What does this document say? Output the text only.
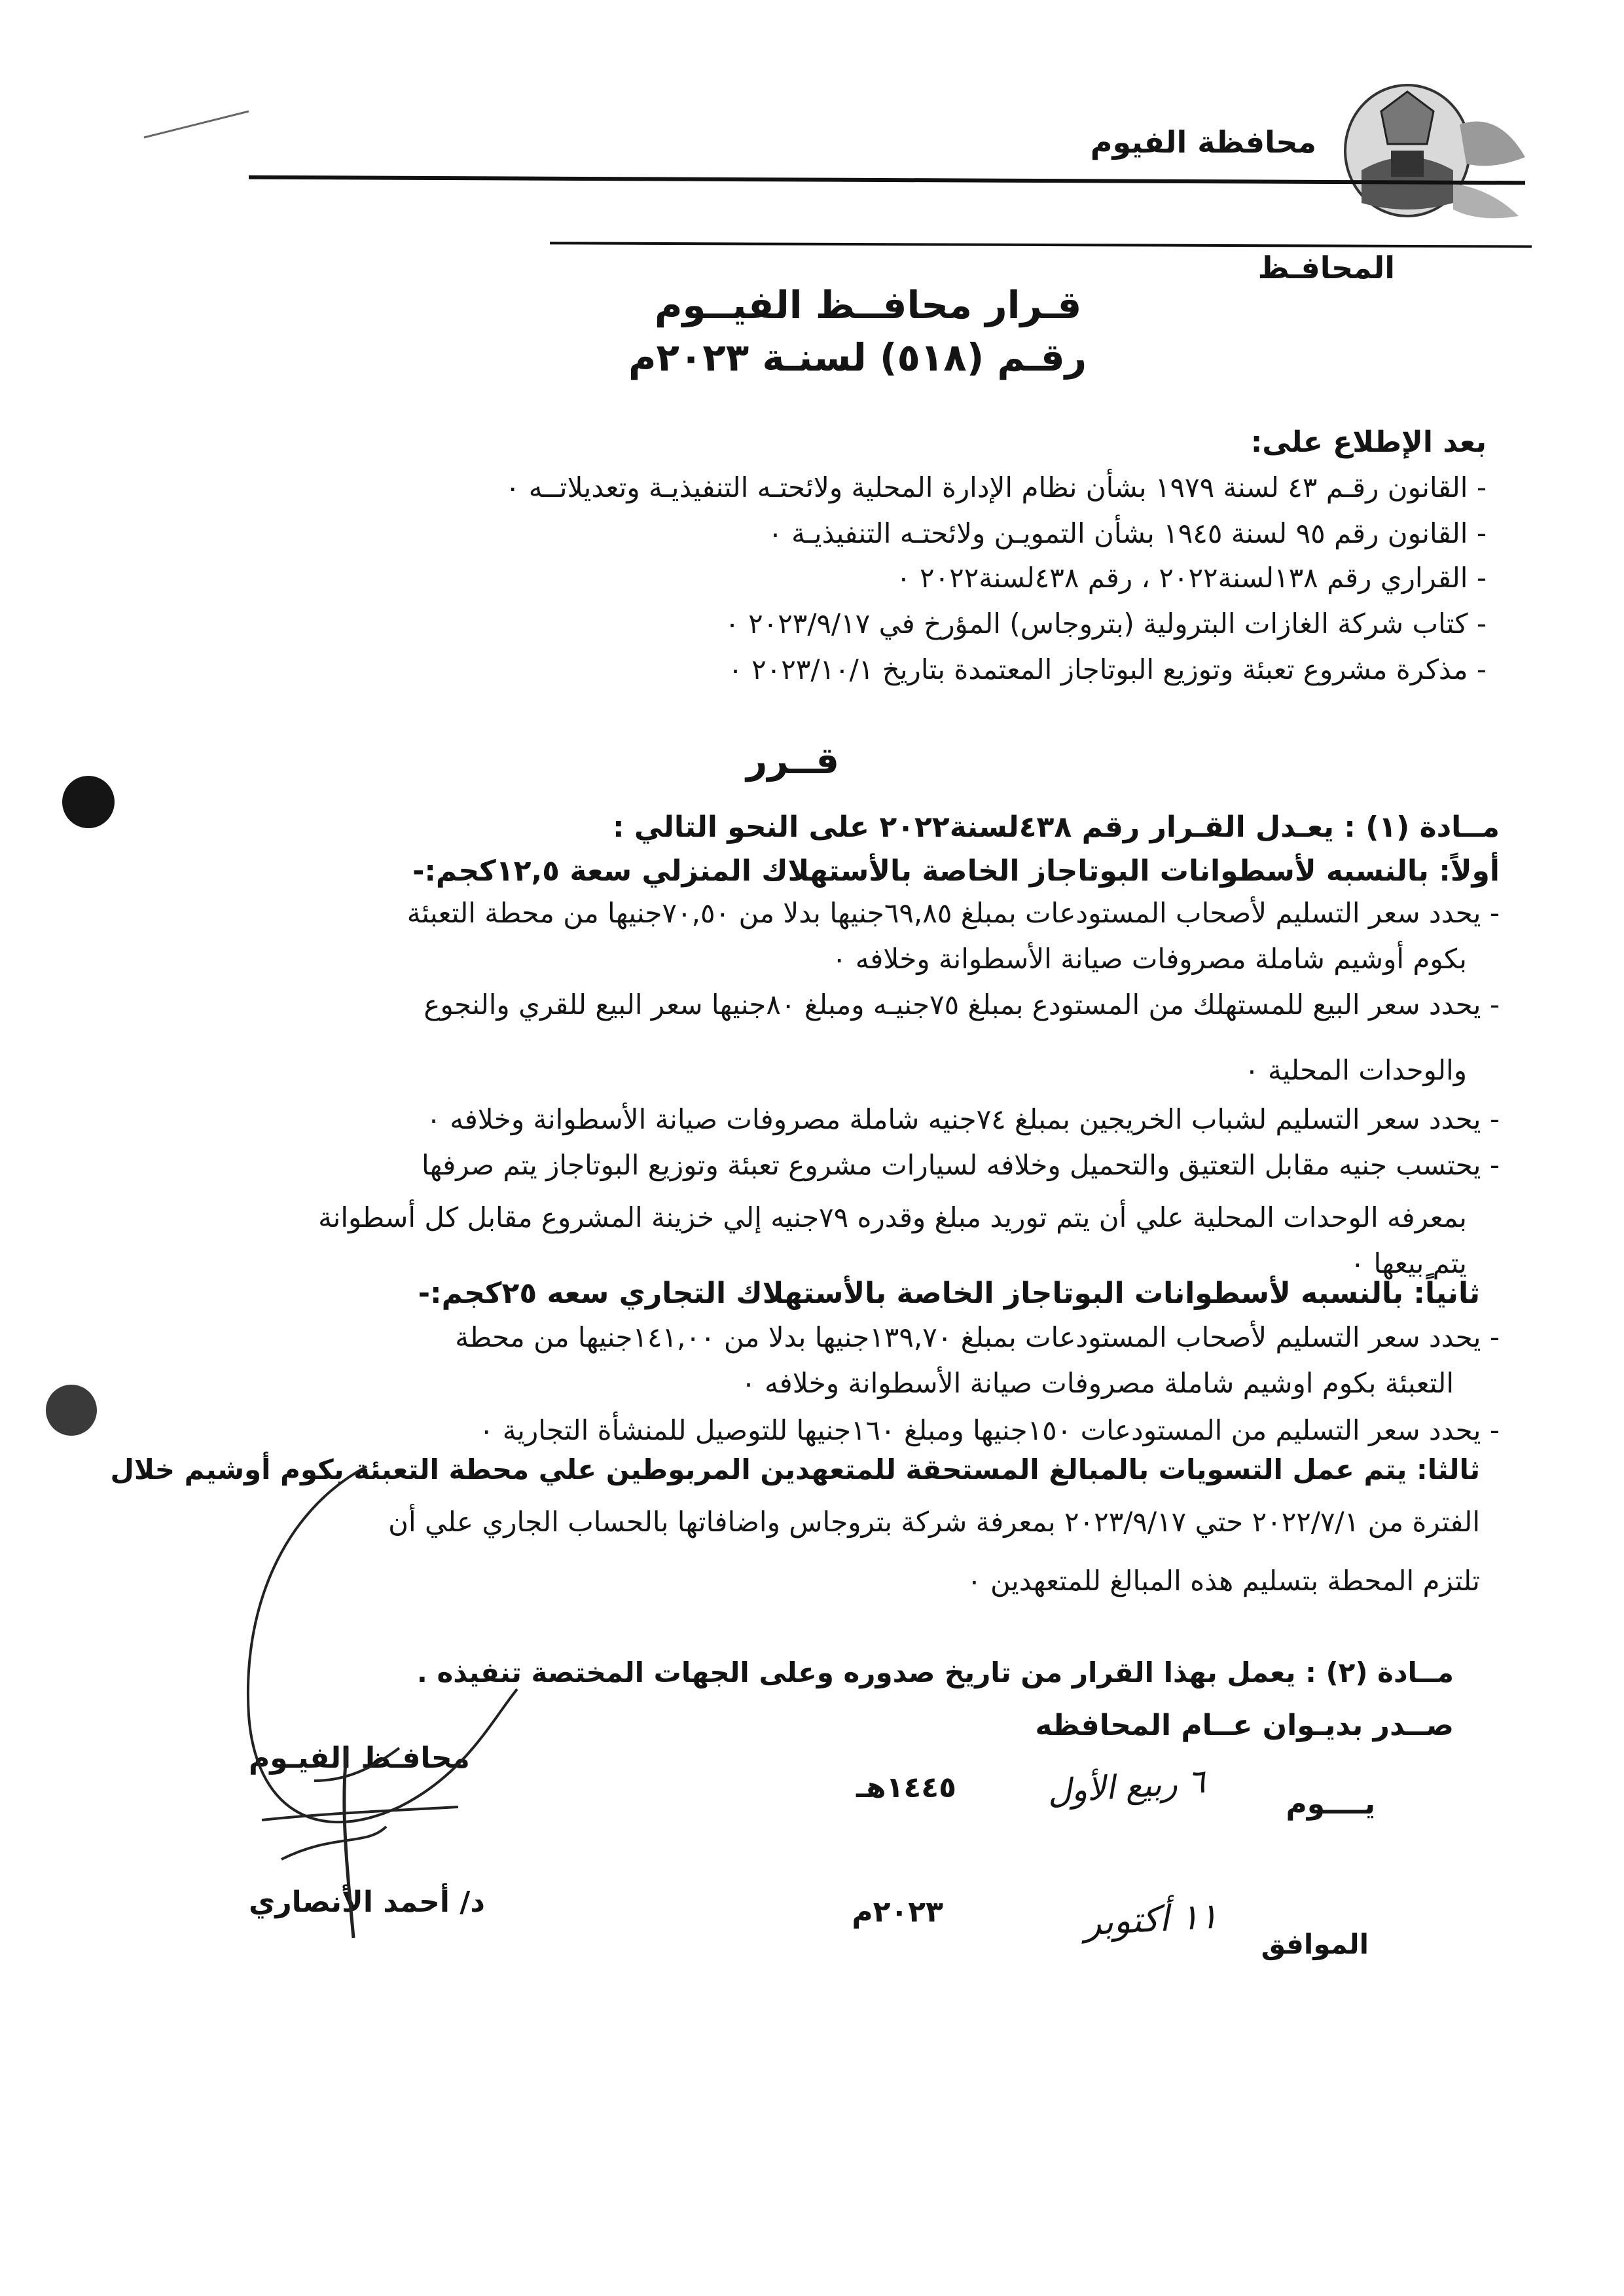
محافظة الفيوم
المحافـظ
قـرار محافــظ الفيــوم
رقـم (٥١٨) لسنـة ٢٠٢٣م
بعد الإطلاع على:
- القانون رقـم ٤٣ لسنة ١٩٧٩ بشأن نظام الإدارة المحلية ولائحتـه التنفيذيـة وتعديلاتــه ٠
- القانون رقم ٩٥ لسنة ١٩٤٥ بشأن التمويـن ولائحتـه التنفيذيـة ٠
- القراري رقم ١٣٨لسنة٢٠٢٢ ، رقم ٤٣٨لسنة٢٠٢٢ ٠
- كتاب شركة الغازات البترولية (بتروجاس) المؤرخ في ٢٠٢٣/٩/١٧ ٠
- مذكرة مشروع تعبئة وتوزيع البوتاجاز المعتمدة بتاريخ ٢٠٢٣/١٠/١ ٠
قــرر
مــادة (١) : يعـدل القـرار رقم ٤٣٨لسنة٢٠٢٢ على النحو التالي :
أولاً: بالنسبه لأسطوانات البوتاجاز الخاصة بالأستهلاك المنزلي سعة ١٢,٥كجم:-
- يحدد سعر التسليم لأصحاب المستودعات بمبلغ ٦٩,٨٥جنيها بدلا من ٧٠,٥٠جنيها من محطة التعبئة
بكوم أوشيم شاملة مصروفات صيانة الأسطوانة وخلافه ٠
- يحدد سعر البيع للمستهلك من المستودع بمبلغ ٧٥جنيـه ومبلغ ٨٠جنيها سعر البيع للقري والنجوع
والوحدات المحلية ٠
- يحدد سعر التسليم لشباب الخريجين بمبلغ ٧٤جنيه شاملة مصروفات صيانة الأسطوانة وخلافه ٠
- يحتسب جنيه مقابل التعتيق والتحميل وخلافه لسيارات مشروع تعبئة وتوزيع البوتاجاز يتم صرفها
بمعرفه الوحدات المحلية علي أن يتم توريد مبلغ وقدره ٧٩جنيه إلي خزينة المشروع مقابل كل أسطوانة
يتم بيعها ٠
ثانياً: بالنسبه لأسطوانات البوتاجاز الخاصة بالأستهلاك التجاري سعه ٢٥كجم:-
- يحدد سعر التسليم لأصحاب المستودعات بمبلغ ١٣٩,٧٠جنيها بدلا من ١٤١,٠٠جنيها من محطة
التعبئة بكوم اوشيم شاملة مصروفات صيانة الأسطوانة وخلافه ٠
- يحدد سعر التسليم من المستودعات ١٥٠جنيها ومبلغ ١٦٠جنيها للتوصيل للمنشأة التجارية ٠
ثالثا: يتم عمل التسويات بالمبالغ المستحقة للمتعهدين المربوطين علي محطة التعبئة بكوم أوشيم خلال
الفترة من ٢٠٢٢/٧/١ حتي ٢٠٢٣/٩/١٧ بمعرفة شركة بتروجاس واضافاتها بالحساب الجاري علي أن
تلتزم المحطة بتسليم هذه المبالغ للمتعهدين ٠
مــادة (٢) : يعمل بهذا القرار من تاريخ صدوره وعلى الجهات المختصة تنفيذه .
صــدر بديـوان عــام المحافظه
يــــوم
٦ ربيع الأول
١٤٤٥هـ
الموافق
١١ أكتوبر
٢٠٢٣م
محافـظ الفيـوم
د/ أحمد الأنصاري
